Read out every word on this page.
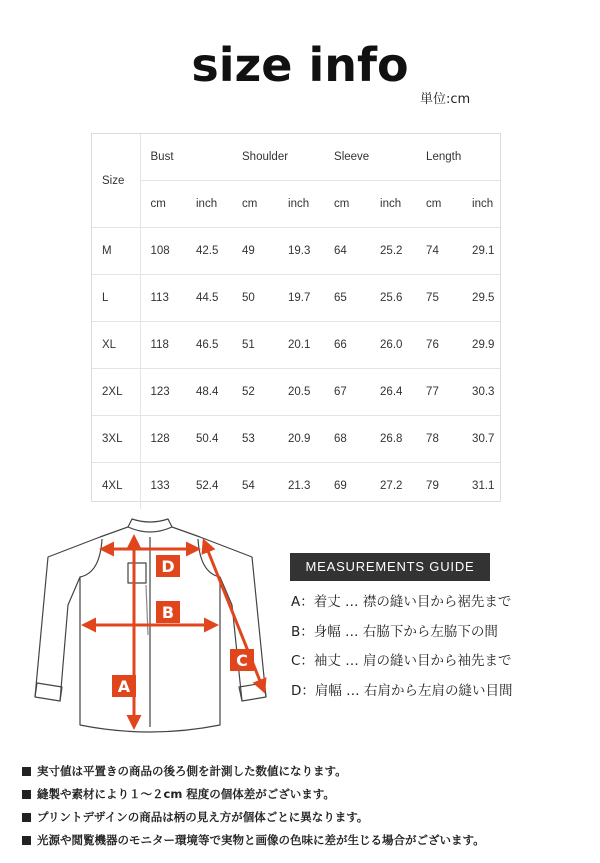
size info
単位:cm
Size	Bust		Shoulder		Sleeve		Length	
	cm	inch	cm	inch	cm	inch	cm	inch
M	108	42.5	49	19.3	64	25.2	74	29.1
L	113	44.5	50	19.7	65	25.6	75	29.5
XL	118	46.5	51	20.1	66	26.0	76	29.9
2XL	123	48.4	52	20.5	67	26.4	77	30.3
3XL	128	50.4	53	20.9	68	26.8	78	30.7
4XL	133	52.4	54	21.3	69	27.2	79	31.1
D
B
A
C
MEASUREMENTS GUIDE
A：着丈 … 襟の縫い目から裾先まで
B：身幅 … 右脇下から左脇下の間
C：袖丈 … 肩の縫い目から袖先まで
D：肩幅 … 右肩から左肩の縫い目間
実寸値は平置きの商品の後ろ側を計測した数値になります。
縫製や素材により１～２cm 程度の個体差がございます。
プリントデザインの商品は柄の見え方が個体ごとに異なります。
光源や閲覧機器のモニター環境等で実物と画像の色味に差が生じる場合がございます。
